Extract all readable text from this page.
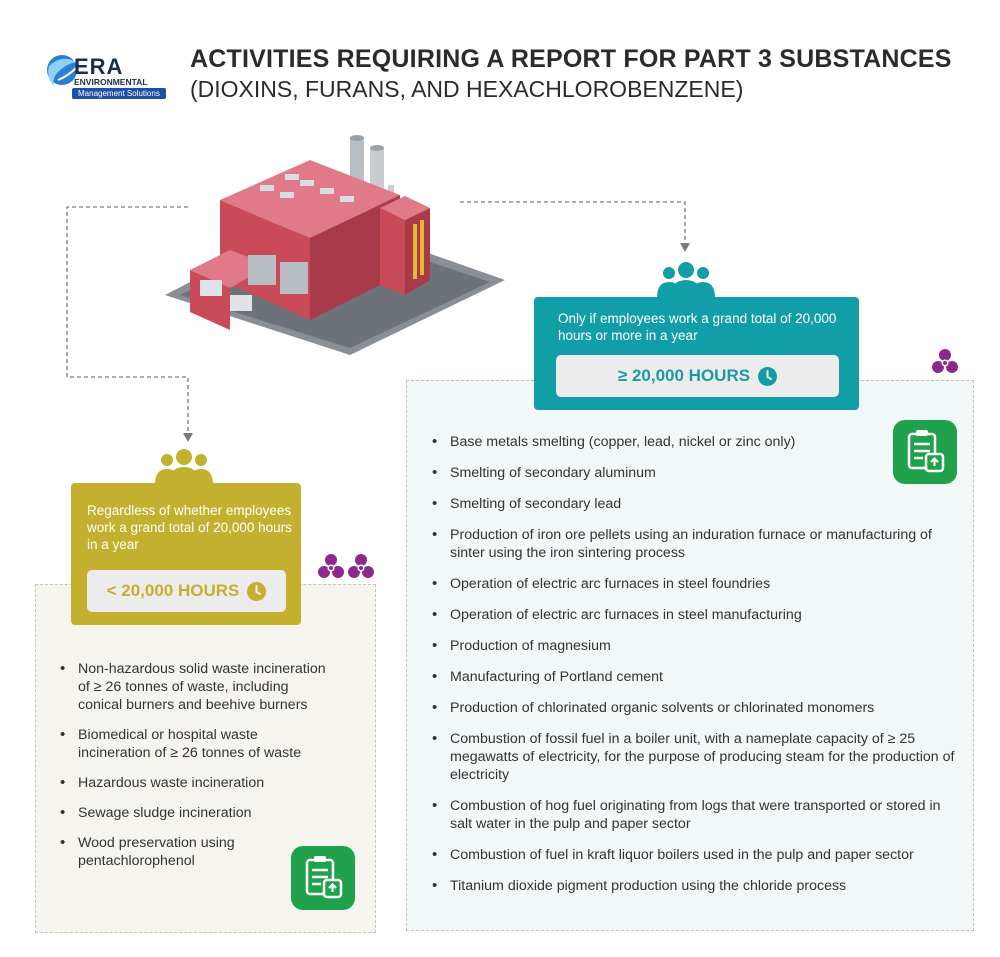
ERA
ENVIRONMENTAL
Management Solutions
ACTIVITIES REQUIRING A REPORT FOR PART 3 SUBSTANCES
(DIOXINS, FURANS, AND HEXACHLOROBENZENE)
Only if employees work a grand total of 20,000 hours or more in a year
≥ 20,000 HOURS
• Base metals smelting (copper, lead, nickel or zinc only)
• Smelting of secondary aluminum
• Smelting of secondary lead
• Production of iron ore pellets using an induration furnace or manufacturing of sinter using the iron sintering process
• Operation of electric arc furnaces in steel foundries
• Operation of electric arc furnaces in steel manufacturing
• Production of magnesium
• Manufacturing of Portland cement
• Production of chlorinated organic solvents or chlorinated monomers
• Combustion of fossil fuel in a boiler unit, with a nameplate capacity of ≥ 25 megawatts of electricity, for the purpose of producing steam for the production of electricity
• Combustion of hog fuel originating from logs that were transported or stored in salt water in the pulp and paper sector
• Combustion of fuel in kraft liquor boilers used in the pulp and paper sector
• Titanium dioxide pigment production using the chloride process
Regardless of whether employees work a grand total of 20,000 hours in a year
< 20,000 HOURS
• Non-hazardous solid waste incineration of ≥ 26 tonnes of waste, including conical burners and beehive burners
• Biomedical or hospital waste incineration of ≥ 26 tonnes of waste
• Hazardous waste incineration
• Sewage sludge incineration
• Wood preservation using pentachlorophenol
